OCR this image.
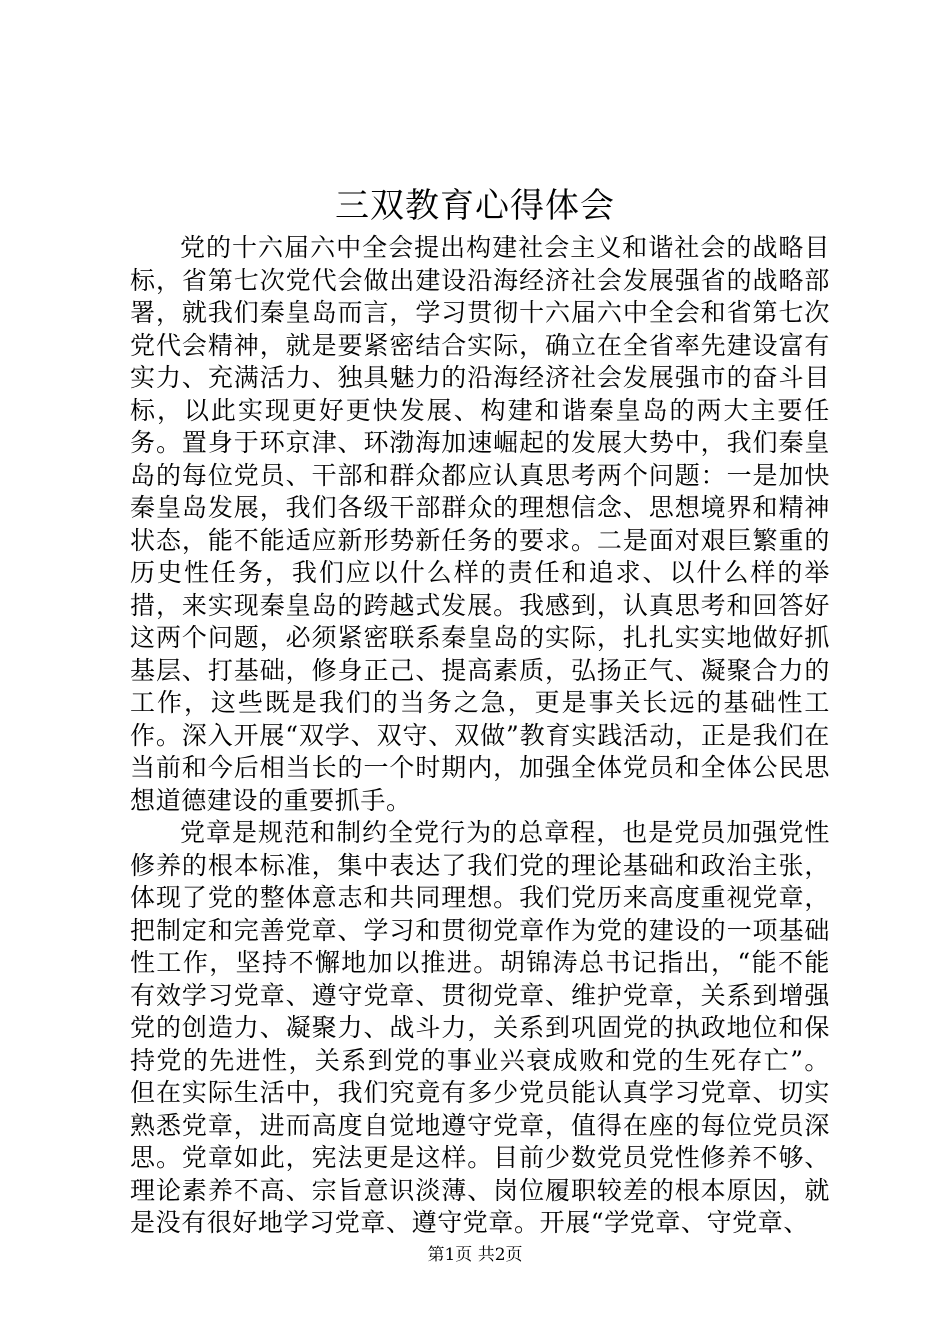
三双教育心得体会

党的十六届六中全会提出构建社会主义和谐社会的战略目标，省第七次党代会做出建设沿海经济社会发展强省的战略部署，就我们秦皇岛而言，学习贯彻十六届六中全会和省第七次党代会精神，就是要紧密结合实际，确立在全省率先建设富有实力、充满活力、独具魅力的沿海经济社会发展强市的奋斗目标，以此实现更好更快发展、构建和谐秦皇岛的两大主要任务。置身于环京津、环渤海加速崛起的发展大势中，我们秦皇岛的每位党员、干部和群众都应认真思考两个问题：一是加快秦皇岛发展，我们各级干部群众的理想信念、思想境界和精神状态，能不能适应新形势新任务的要求。二是面对艰巨繁重的历史性任务，我们应以什么样的责任和追求、以什么样的举措，来实现秦皇岛的跨越式发展。我感到，认真思考和回答好这两个问题，必须紧密联系秦皇岛的实际，扎扎实实地做好抓基层、打基础，修身正己、提高素质，弘扬正气、凝聚合力的工作，这些既是我们的当务之急，更是事关长远的基础性工作。深入开展“双学、双守、双做”教育实践活动，正是我们在当前和今后相当长的一个时期内，加强全体党员和全体公民思想道德建设的重要抓手。

党章是规范和制约全党行为的总章程，也是党员加强党性修养的根本标准，集中表达了我们党的理论基础和政治主张，体现了党的整体意志和共同理想。我们党历来高度重视党章，把制定和完善党章、学习和贯彻党章作为党的建设的一项基础性工作，坚持不懈地加以推进。胡锦涛总书记指出，“能不能有效学习党章、遵守党章、贯彻党章、维护党章，关系到增强党的创造力、凝聚力、战斗力，关系到巩固党的执政地位和保持党的先进性，关系到党的事业兴衰成败和党的生死存亡”。但在实际生活中，我们究竟有多少党员能认真学习党章、切实熟悉党章，进而高度自觉地遵守党章，值得在座的每位党员深思。党章如此，宪法更是这样。目前少数党员党性修养不够、理论素养不高、宗旨意识淡薄、岗位履职较差的根本原因，就是没有很好地学习党章、遵守党章。开展“学党章、守党章、

第1页 共2页
